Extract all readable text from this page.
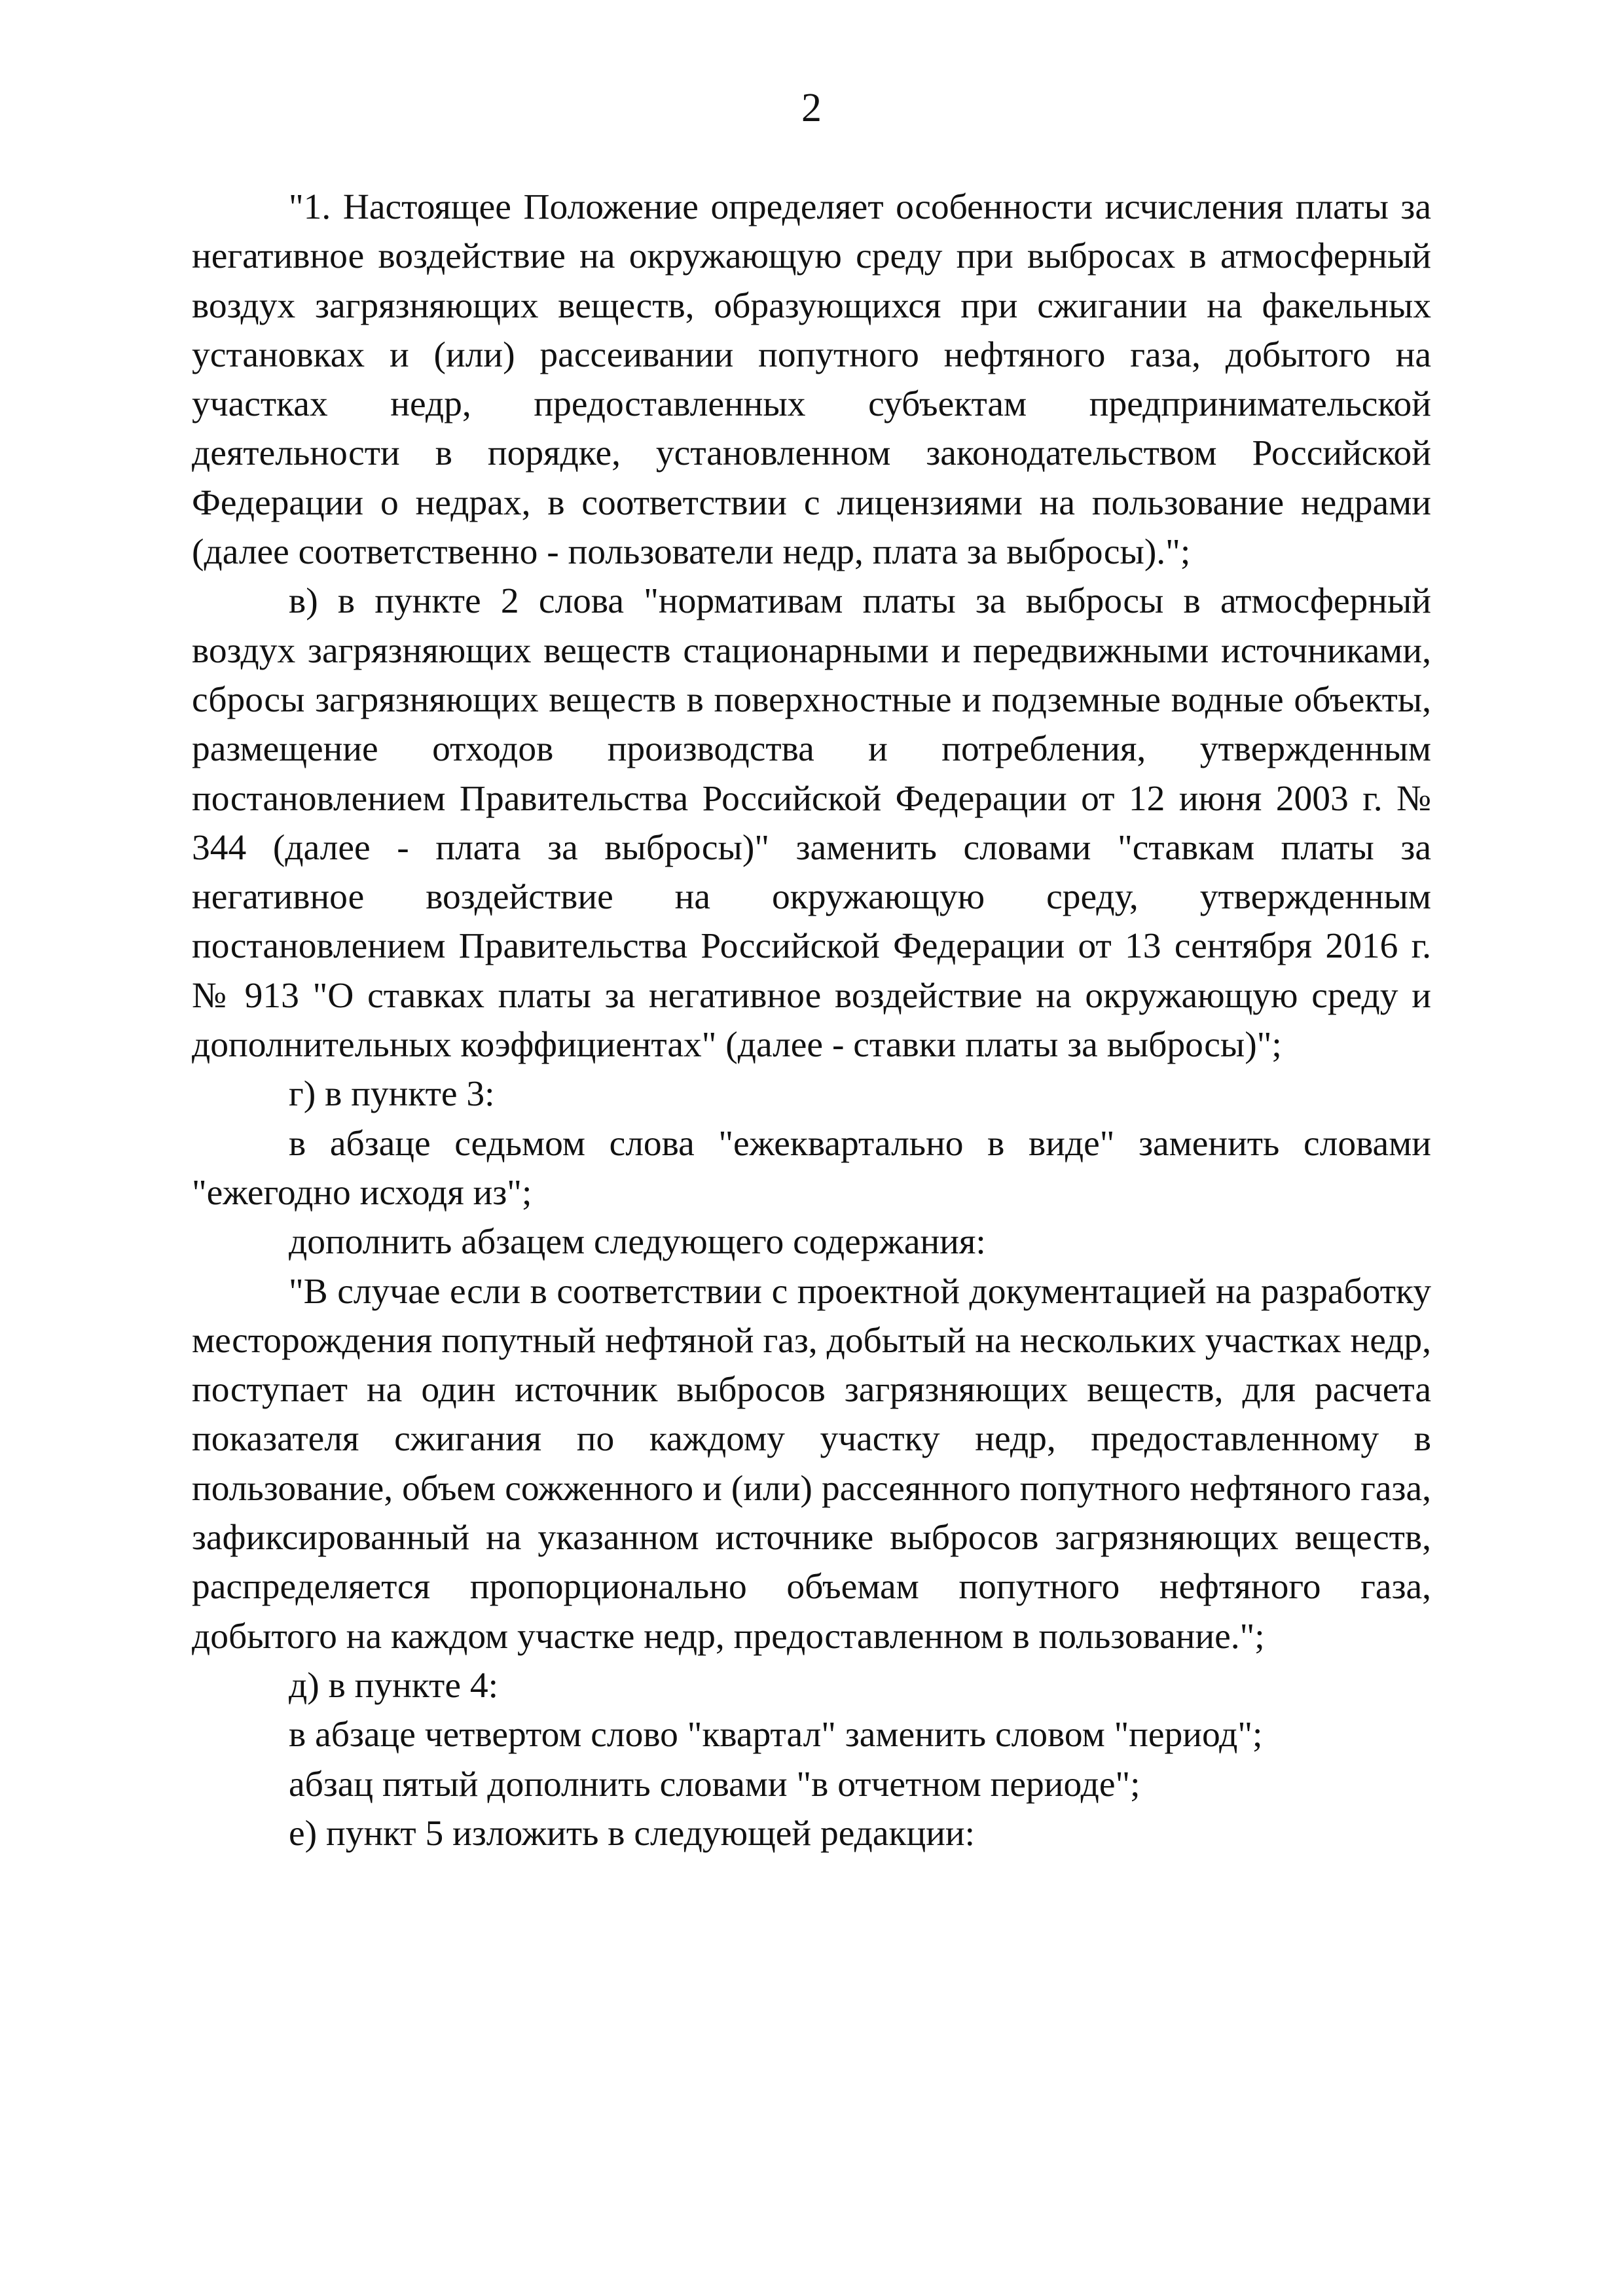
2

"1. Настоящее Положение определяет особенности исчисления платы за негативное воздействие на окружающую среду при выбросах в атмосферный воздух загрязняющих веществ, образующихся при сжигании на факельных установках и (или) рассеивании попутного нефтяного газа, добытого на участках недр, предоставленных субъектам предпринимательской деятельности в порядке, установленном законодательством Российской Федерации о недрах, в соответствии с лицензиями на пользование недрами (далее соответственно - пользователи недр, плата за выбросы).";

в) в пункте 2 слова "нормативам платы за выбросы в атмосферный воздух загрязняющих веществ стационарными и передвижными источниками, сбросы загрязняющих веществ в поверхностные и подземные водные объекты, размещение отходов производства и потребления, утвержденным постановлением Правительства Российской Федерации от 12 июня 2003 г. № 344 (далее - плата за выбросы)" заменить словами "ставкам платы за негативное воздействие на окружающую среду, утвержденным постановлением Правительства Российской Федерации от 13 сентября 2016 г. № 913 "О ставках платы за негативное воздействие на окружающую среду и дополнительных коэффициентах" (далее - ставки платы за выбросы)";

г) в пункте 3:

в абзаце седьмом слова "ежеквартально в виде" заменить словами "ежегодно исходя из";

дополнить абзацем следующего содержания:

"В случае если в соответствии с проектной документацией на разработку месторождения попутный нефтяной газ, добытый на нескольких участках недр, поступает на один источник выбросов загрязняющих веществ, для расчета показателя сжигания по каждому участку недр, предоставленному в пользование, объем сожженного и (или) рассеянного попутного нефтяного газа, зафиксированный на указанном источнике выбросов загрязняющих веществ, распределяется пропорционально объемам попутного нефтяного газа, добытого на каждом участке недр, предоставленном в пользование.";

д) в пункте 4:

в абзаце четвертом слово "квартал" заменить словом "период";

абзац пятый дополнить словами "в отчетном периоде";

е) пункт 5 изложить в следующей редакции:
